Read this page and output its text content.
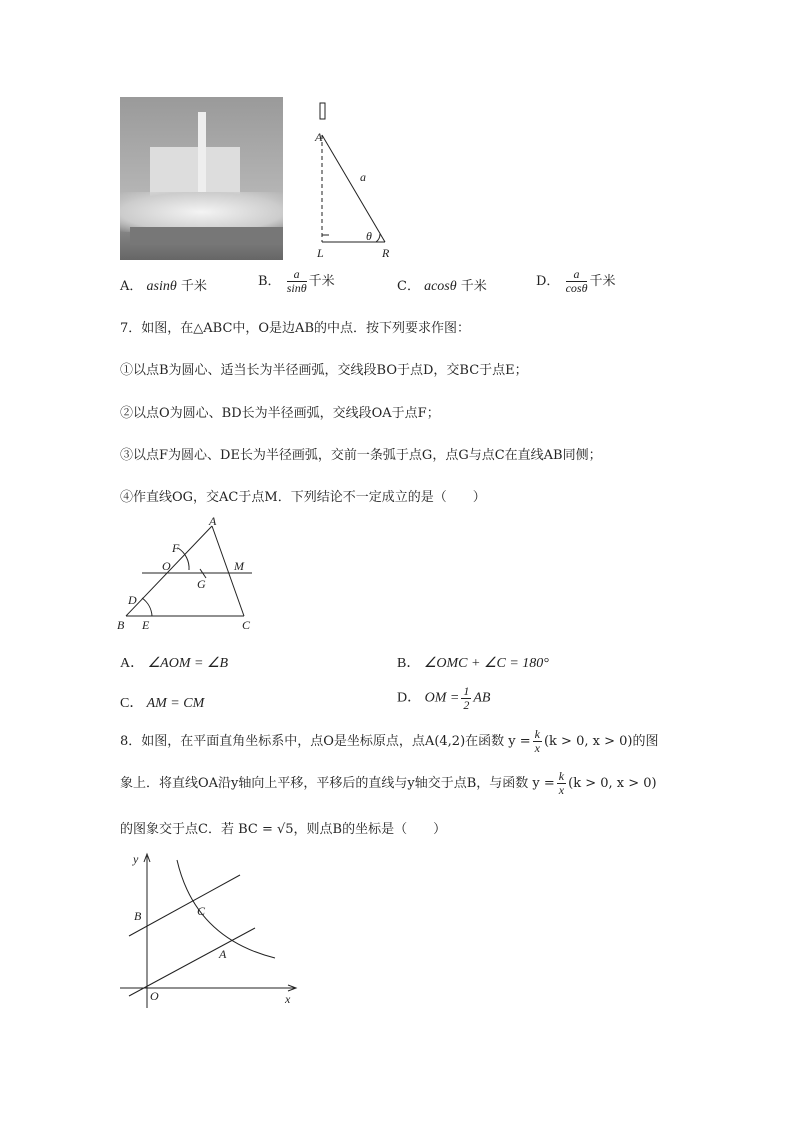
A
L	R
a
θ
A． asinθ 千米	B． $\frac{a}{\sin\theta}$ 千米	C． acosθ 千米	D． $\frac{a}{\cos\theta}$ 千米
7．如图，在△ABC中，O是边AB的中点．按下列要求作图：
①以点B为圆心、适当长为半径画弧，交线段BO于点D，交BC于点E；
②以点O为圆心、BD长为半径画弧，交线段OA于点F；
③以点F为圆心、DE长为半径画弧，交前一条弧于点G，点G与点C在直线AB同侧；
④作直线OG，交AC于点M．下列结论不一定成立的是（　　）
A
B	C
D
E
F
G
M
O
A． ∠AOM = ∠B	B． ∠OMC + ∠C = 180°
C． AM = CM	D． OM = $\frac{1}{2}$ AB
8．如图，在平面直角坐标系中，点O是坐标原点，点A(4,2)在函数 $y = \frac{k}{x} (k > 0$, x > 0)的图
象上．将直线OA沿y轴向上平移，平移后的直线与y轴交于点B，与函数 $y = \frac{k}{x} (k > 0$, x > 0)
的图象交于点C．若 BC = √5，则点B的坐标是（　　）
y
x
O
A
B	C
